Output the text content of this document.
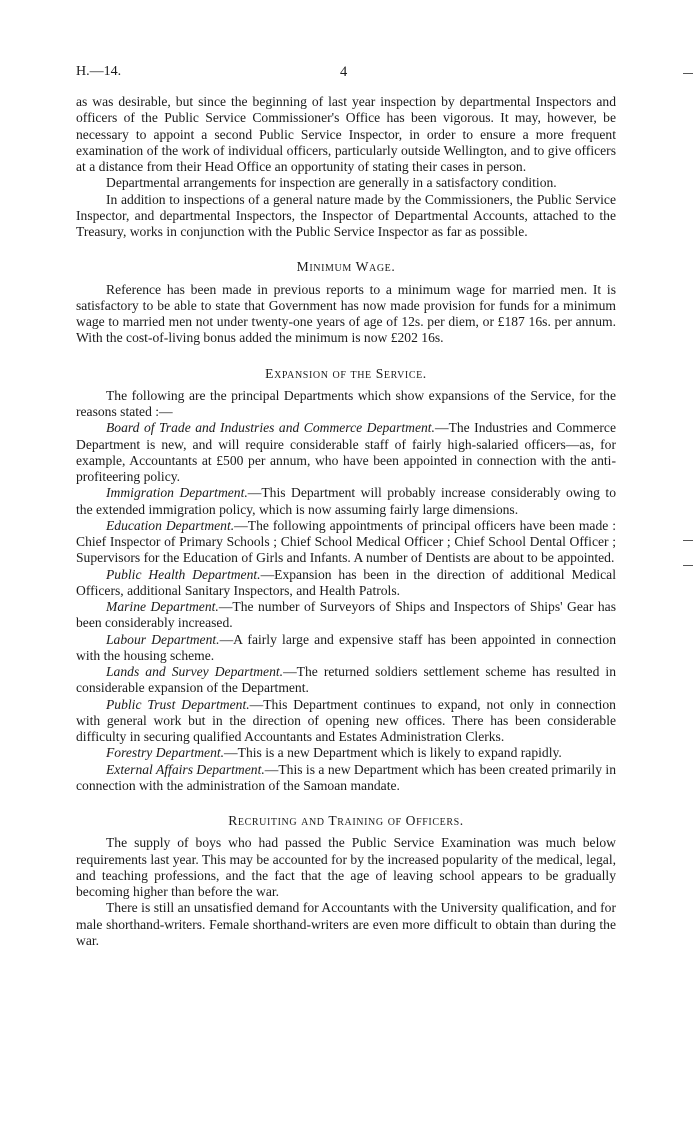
H.—14.	4

as was desirable, but since the beginning of last year inspection by departmental Inspectors and officers of the Public Service Commissioner's Office has been vigorous. It may, however, be necessary to appoint a second Public Service Inspector, in order to ensure a more frequent examination of the work of individual officers, particularly outside Wellington, and to give officers at a distance from their Head Office an opportunity of stating their cases in person.

Departmental arrangements for inspection are generally in a satisfactory condition.

In addition to inspections of a general nature made by the Commissioners, the Public Service Inspector, and departmental Inspectors, the Inspector of Departmental Accounts, attached to the Treasury, works in conjunction with the Public Service Inspector as far as possible.

Minimum Wage.

Reference has been made in previous reports to a minimum wage for married men. It is satisfactory to be able to state that Government has now made provision for funds for a minimum wage to married men not under twenty-one years of age of 12s. per diem, or £187 16s. per annum. With the cost-of-living bonus added the minimum is now £202 16s.

Expansion of the Service.

The following are the principal Departments which show expansions of the Service, for the reasons stated :—

Board of Trade and Industries and Commerce Department.—The Industries and Commerce Department is new, and will require considerable staff of fairly high-salaried officers—as, for example, Accountants at £500 per annum, who have been appointed in connection with the anti-profiteering policy.

Immigration Department.—This Department will probably increase considerably owing to the extended immigration policy, which is now assuming fairly large dimensions.

Education Department.—The following appointments of principal officers have been made : Chief Inspector of Primary Schools ; Chief School Medical Officer ; Chief School Dental Officer ; Supervisors for the Education of Girls and Infants. A number of Dentists are about to be appointed.

Public Health Department.—Expansion has been in the direction of additional Medical Officers, additional Sanitary Inspectors, and Health Patrols.

Marine Department.—The number of Surveyors of Ships and Inspectors of Ships' Gear has been considerably increased.

Labour Department.—A fairly large and expensive staff has been appointed in connection with the housing scheme.

Lands and Survey Department.—The returned soldiers settlement scheme has resulted in considerable expansion of the Department.

Public Trust Department.—This Department continues to expand, not only in connection with general work but in the direction of opening new offices. There has been considerable difficulty in securing qualified Accountants and Estates Administration Clerks.

Forestry Department.—This is a new Department which is likely to expand rapidly.

External Affairs Department.—This is a new Department which has been created primarily in connection with the administration of the Samoan mandate.

Recruiting and Training of Officers.

The supply of boys who had passed the Public Service Examination was much below requirements last year. This may be accounted for by the increased popularity of the medical, legal, and teaching professions, and the fact that the age of leaving school appears to be gradually becoming higher than before the war.

There is still an unsatisfied demand for Accountants with the University qualification, and for male shorthand-writers. Female shorthand-writers are even more difficult to obtain than during the war.
